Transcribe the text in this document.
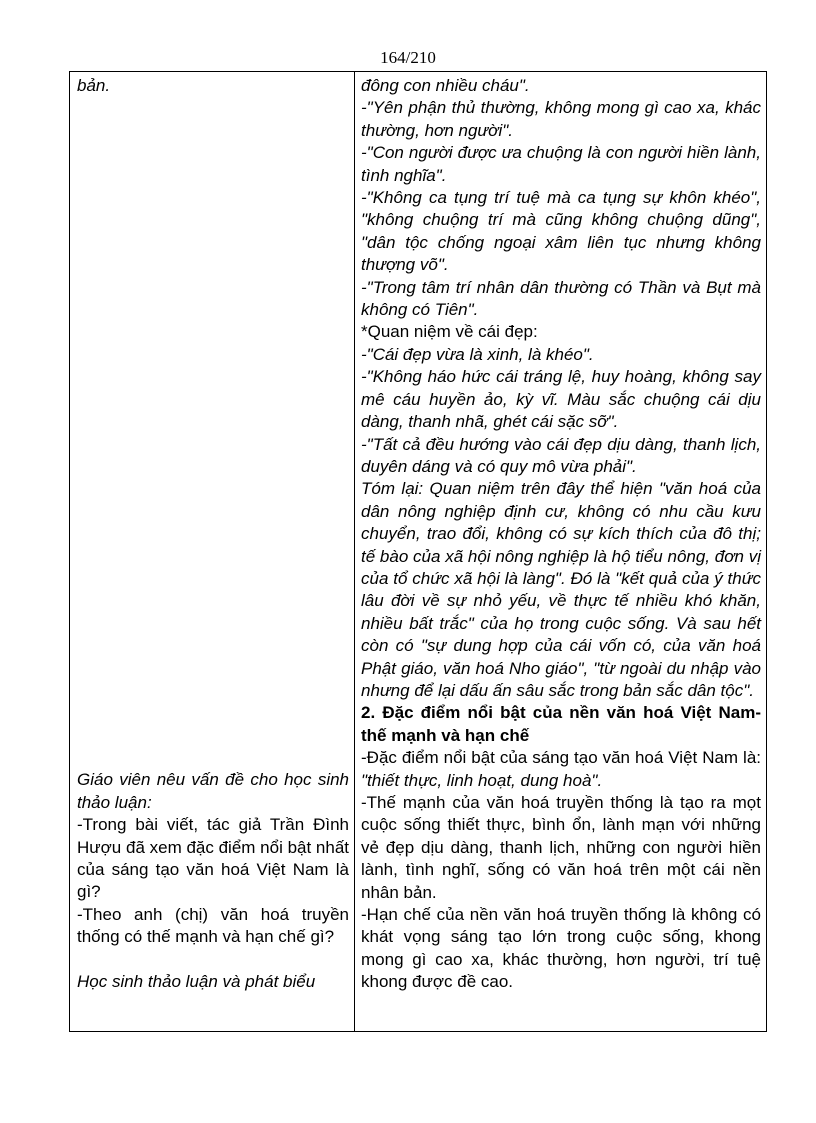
164/210

bản.

Giáo viên nêu vấn đề cho học sinh thảo luận:

-Trong bài viết, tác giả Trần Đình Hượu đã xem đặc điểm nổi bật nhất của sáng tạo văn hoá Việt Nam là gì?

-Theo anh (chị) văn hoá truyền thống có thế mạnh và hạn chế gì?

Học sinh thảo luận và phát biểu

đông con nhiều cháu".

-"Yên phận thủ thường, không mong gì cao xa, khác thường, hơn người".

-"Con người được ưa chuộng là con người hiền lành, tình nghĩa".

-"Không ca tụng trí tuệ mà ca tụng sự khôn khéo", "không chuộng trí mà cũng không chuộng dũng", "dân tộc chống ngoại xâm liên tục nhưng không thượng võ".

-"Trong tâm trí nhân dân thường có Thần và Bụt mà không có Tiên".

*Quan niệm về cái đẹp:

-"Cái đẹp vừa là xinh, là khéo".

-"Không háo hức cái tráng lệ, huy hoàng, không say mê cáu huyền ảo, kỳ vĩ. Màu sắc chuộng cái dịu dàng, thanh nhã, ghét cái sặc sỡ".

-"Tất cả đều hướng vào cái đẹp dịu dàng, thanh lịch, duyên dáng và có quy mô vừa phải".

Tóm lại: Quan niệm trên đây thể hiện "văn hoá của dân nông nghiệp định cư, không có nhu cầu kưu chuyển, trao đổi, không có sự kích thích của đô thị; tế bào của xã hội nông nghiệp là hộ tiểu nông, đơn vị của tổ chức xã hội là làng". Đó là "kết quả của ý thức lâu đời về sự nhỏ yếu, về thực tế nhiều khó khăn, nhiều bất trắc" của họ trong cuộc sống. Và sau hết còn có "sự dung hợp của cái vốn có, của văn hoá Phật giáo, văn hoá Nho giáo", "từ ngoài du nhập vào nhưng để lại dấu ấn sâu sắc trong bản sắc dân tộc".

2. Đặc điểm nổi bật của nền văn hoá Việt Nam-thế mạnh và hạn chế

-Đặc điểm nổi bật của sáng tạo văn hoá Việt Nam là: "thiết thực, linh hoạt, dung hoà".

-Thế mạnh của văn hoá truyền thống là tạo ra mọt cuộc sống thiết thực, bình ổn, lành mạn với những vẻ đẹp dịu dàng, thanh lịch, những con người hiền lành, tình nghĩ, sống có văn hoá trên một cái nền nhân bản.

-Hạn chế của nền văn hoá truyền thống là không có khát vọng sáng tạo lớn trong cuộc sống, khong mong gì cao xa, khác thường, hơn người, trí tuệ khong được đề cao.
